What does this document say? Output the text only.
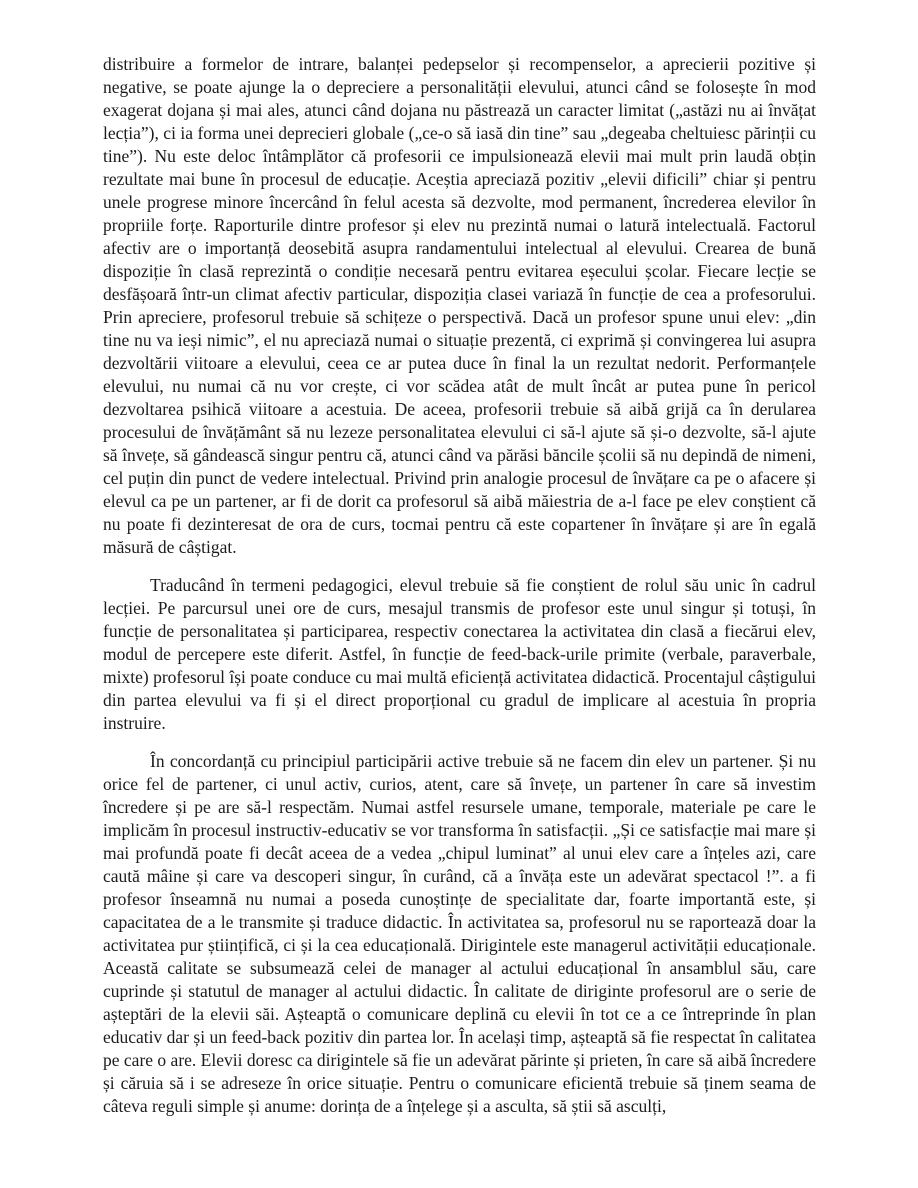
distribuire a formelor de intrare, balanței pedepselor și recompenselor, a aprecierii pozitive și negative, se poate ajunge la o depreciere a personalității elevului, atunci când se folosește în mod exagerat dojana și mai ales, atunci când dojana nu păstrează un caracter limitat („astăzi nu ai învățat lecția”), ci ia forma unei deprecieri globale („ce-o să iasă din tine” sau „degeaba cheltuiesc părinții cu tine”). Nu este deloc întâmplător că profesorii ce impulsionează elevii mai mult prin laudă obțin rezultate mai bune în procesul de educație. Aceștia apreciază pozitiv „elevii dificili” chiar și pentru unele progrese minore încercând în felul acesta să dezvolte, mod permanent, încrederea elevilor în propriile forțe. Raporturile dintre profesor și elev nu prezintă numai o latură intelectuală. Factorul afectiv are o importanță deosebită asupra randamentului intelectual al elevului. Crearea de bună dispoziție în clasă reprezintă o condiție necesară pentru evitarea eșecului școlar. Fiecare lecție se desfășoară într-un climat afectiv particular, dispoziția clasei variază în funcție de cea a profesorului. Prin apreciere, profesorul trebuie să schițeze o perspectivă. Dacă un profesor spune unui elev: „din tine nu va ieși nimic”, el nu apreciază numai o situație prezentă, ci exprimă și convingerea lui asupra dezvoltării viitoare a elevului, ceea ce ar putea duce în final la un rezultat nedorit. Performanțele elevului, nu numai că nu vor crește, ci vor scădea atât de mult încât ar putea pune în pericol dezvoltarea psihică viitoare a acestuia. De aceea, profesorii trebuie să aibă grijă ca în derularea procesului de învățământ să nu lezeze personalitatea elevului ci să-l ajute să și-o dezvolte, să-l ajute să învețe, să gândească singur pentru că, atunci când va părăsi băncile școlii să nu depindă de nimeni, cel puțin din punct de vedere intelectual. Privind prin analogie procesul de învățare ca pe o afacere și elevul ca pe un partener, ar fi de dorit ca profesorul să aibă măiestria de a-l face pe elev conștient că nu poate fi dezinteresat de ora de curs, tocmai pentru că este copartener în învățare și are în egală măsură de câștigat.

Traducând în termeni pedagogici, elevul trebuie să fie conștient de rolul său unic în cadrul lecției. Pe parcursul unei ore de curs, mesajul transmis de profesor este unul singur și totuși, în funcție de personalitatea și participarea, respectiv conectarea la activitatea din clasă a fiecărui elev, modul de percepere este diferit. Astfel, în funcție de feed-back-urile primite (verbale, paraverbale, mixte) profesorul își poate conduce cu mai multă eficiență activitatea didactică. Procentajul câștigului din partea elevului va fi și el direct proporțional cu gradul de implicare al acestuia în propria instruire.

În concordanță cu principiul participării active trebuie să ne facem din elev un partener. Și nu orice fel de partener, ci unul activ, curios, atent, care să învețe, un partener în care să investim încredere și pe are să-l respectăm. Numai astfel resursele umane, temporale, materiale pe care le implicăm în procesul instructiv-educativ se vor transforma în satisfacții. „Și ce satisfacție mai mare și mai profundă poate fi decât aceea de a vedea „chipul luminat” al unui elev care a înțeles azi, care caută mâine și care va descoperi singur, în curând, că a învăța este un adevărat spectacol !”. a fi profesor înseamnă nu numai a poseda cunoștințe de specialitate dar, foarte importantă este, și capacitatea de a le transmite și traduce didactic. În activitatea sa, profesorul nu se raportează doar la activitatea pur științifică, ci și la cea educațională. Dirigintele este managerul activității educaționale. Această calitate se subsumează celei de manager al actului educațional în ansamblul său, care cuprinde și statutul de manager al actului didactic. În calitate de diriginte profesorul are o serie de așteptări de la elevii săi. Așteaptă o comunicare deplină cu elevii în tot ce a ce întreprinde în plan educativ dar și un feed-back pozitiv din partea lor. În același timp, așteaptă să fie respectat în calitatea pe care o are. Elevii doresc ca dirigintele să fie un adevărat părinte și prieten, în care să aibă încredere și căruia să i se adreseze în orice situație. Pentru o comunicare eficientă trebuie să ținem seama de câteva reguli simple și anume: dorința de a înțelege și a asculta, să știi să asculți,
